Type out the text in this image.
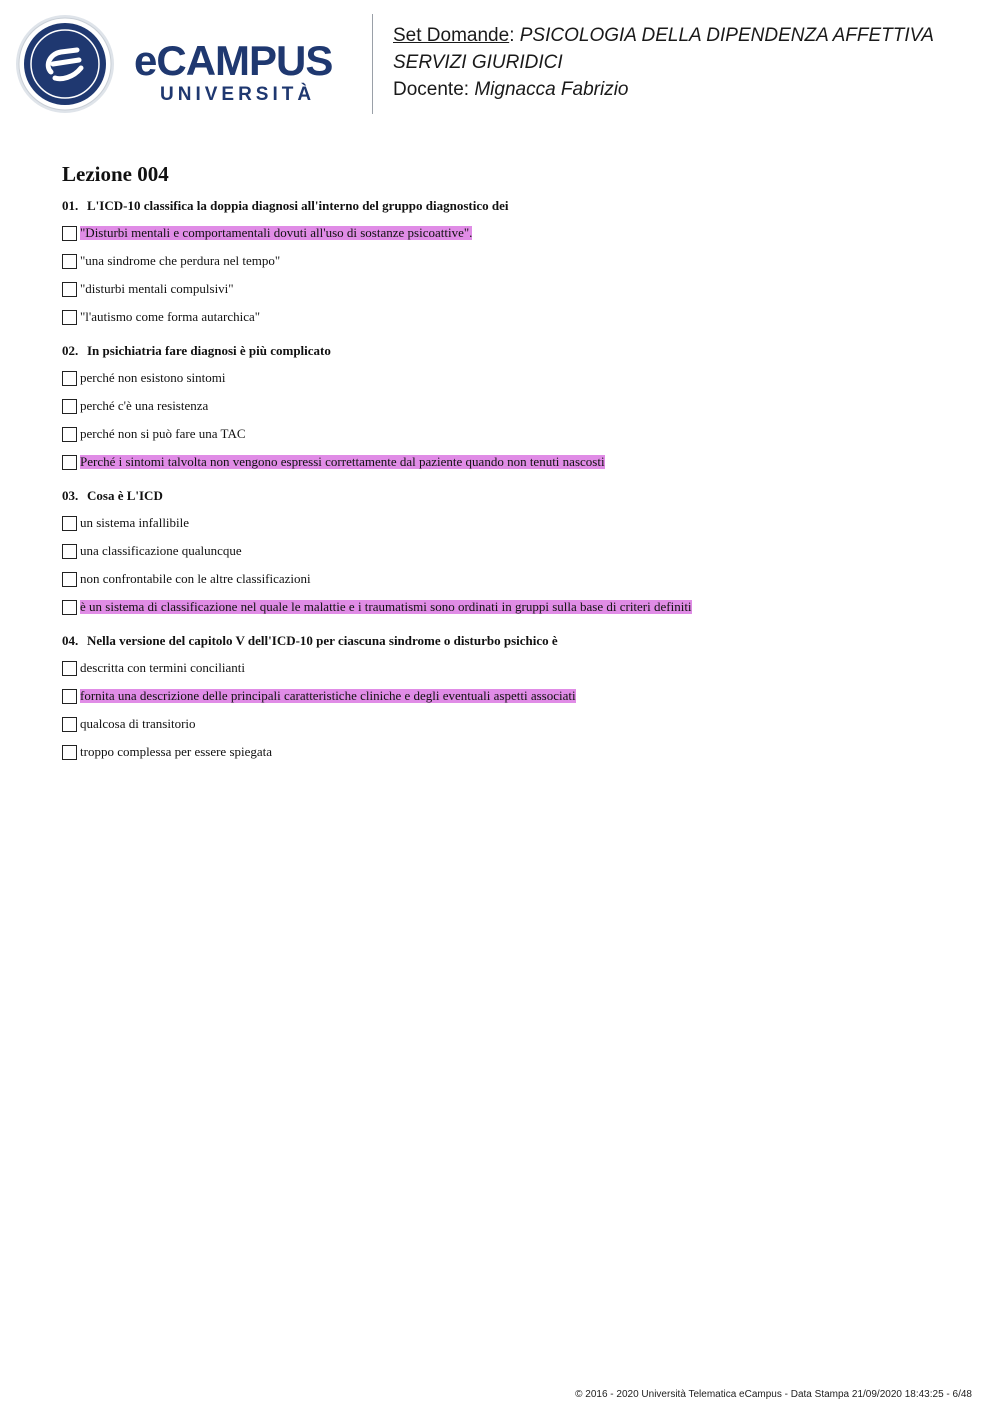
eCAMPUS
UNIVERSITÀ
Set Domande: PSICOLOGIA DELLA DIPENDENZA AFFETTIVA
SERVIZI GIURIDICI
Docente: Mignacca Fabrizio
Lezione 004

01. L'ICD-10 classifica la doppia diagnosi all'interno del gruppo diagnostico dei

"Disturbi mentali e comportamentali dovuti all'uso di sostanze psicoattive".
"una sindrome che perdura nel tempo"
"disturbi mentali compulsivi"
"l'autismo come forma autarchica"

02. In psichiatria fare diagnosi è più complicato

perché non esistono sintomi
perché c'è una resistenza
perché non si può fare una TAC
Perché i sintomi talvolta non vengono espressi correttamente dal paziente quando non tenuti nascosti

03. Cosa è L'ICD

un sistema infallibile
una classificazione qualuncque
non confrontabile con le altre classificazioni
è un sistema di classificazione nel quale le malattie e i traumatismi sono ordinati in gruppi sulla base di criteri definiti

04. Nella versione del capitolo V dell'ICD-10 per ciascuna sindrome o disturbo psichico è

descritta con termini concilianti
fornita una descrizione delle principali caratteristiche cliniche e degli eventuali aspetti associati
qualcosa di transitorio
troppo complessa per essere spiegata
© 2016 - 2020 Università Telematica eCampus - Data Stampa 21/09/2020 18:43:25 - 6/48
